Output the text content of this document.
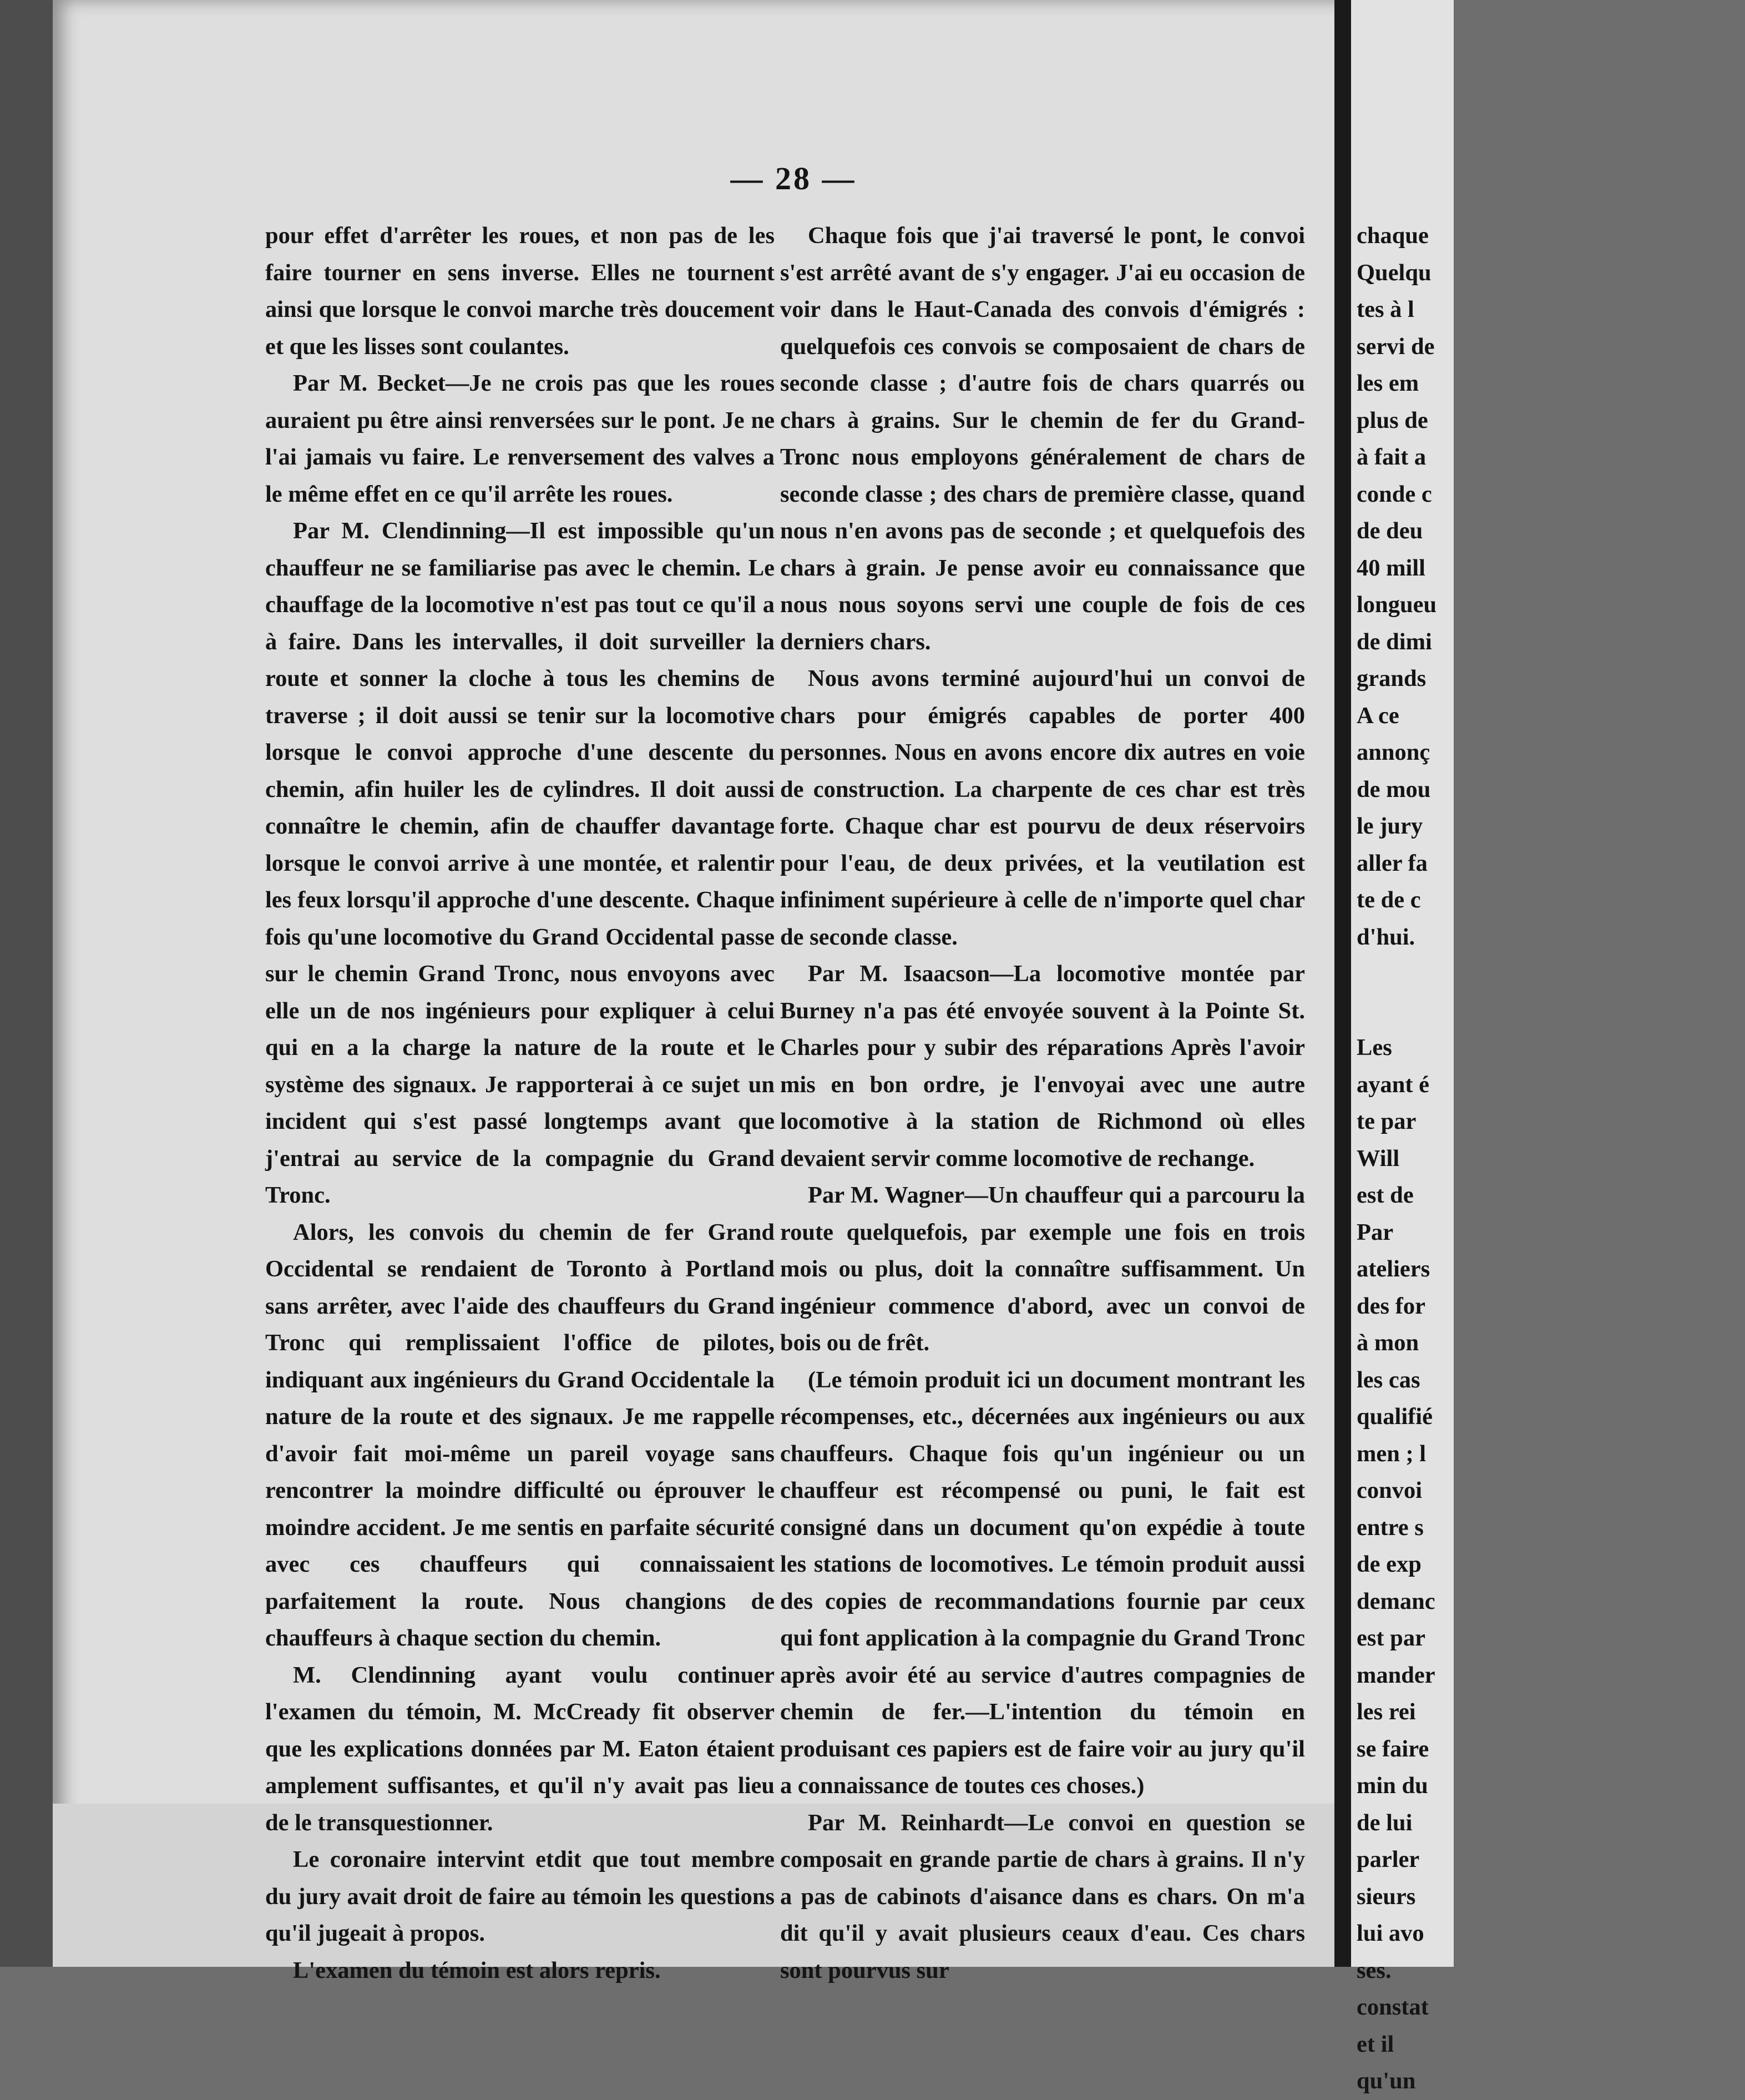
— 28 —

pour effet d'arrêter les roues, et non pas de les faire tourner en sens inverse. Elles ne tournent ainsi que lorsque le convoi marche très doucement et que les lisses sont coulantes.

Par M. Becket—Je ne crois pas que les roues auraient pu être ainsi renversées sur le pont. Je ne l'ai jamais vu faire. Le renversement des valves a le même effet en ce qu'il arrête les roues.

Par M. Clendinning—Il est impossible qu'un chauffeur ne se familiarise pas avec le chemin. Le chauffage de la locomotive n'est pas tout ce qu'il a à faire. Dans les intervalles, il doit surveiller la route et sonner la cloche à tous les chemins de traverse ; il doit aussi se tenir sur la locomotive lorsque le convoi approche d'une descente du chemin, afin huiler les de cylindres. Il doit aussi connaître le chemin, afin de chauffer davantage lorsque le convoi arrive à une montée, et ralentir les feux lorsqu'il approche d'une descente. Chaque fois qu'une locomotive du Grand Occidental passe sur le chemin Grand Tronc, nous envoyons avec elle un de nos ingénieurs pour expliquer à celui qui en a la charge la nature de la route et le système des signaux. Je rapporterai à ce sujet un incident qui s'est passé longtemps avant que j'entrai au service de la compagnie du Grand Tronc.

Alors, les convois du chemin de fer Grand Occidental se rendaient de Toronto à Portland sans arrêter, avec l'aide des chauffeurs du Grand Tronc qui remplissaient l'office de pilotes, indiquant aux ingénieurs du Grand Occidentale la nature de la route et des signaux. Je me rappelle d'avoir fait moi-même un pareil voyage sans rencontrer la moindre difficulté ou éprouver le moindre accident. Je me sentis en parfaite sécurité avec ces chauffeurs qui connaissaient parfaitement la route. Nous changions de chauffeurs à chaque section du chemin.

M. Clendinning ayant voulu continuer l'examen du témoin, M. McCready fit observer que les explications données par M. Eaton étaient amplement suffisantes, et qu'il n'y avait pas lieu de le transquestionner.

Le coronaire intervint etdit que tout membre du jury avait droit de faire au témoin les questions qu'il jugeait à propos.

L'examen du témoin est alors repris.

Chaque fois que j'ai traversé le pont, le convoi s'est arrêté avant de s'y engager. J'ai eu occasion de voir dans le Haut-Canada des convois d'émigrés : quelquefois ces convois se composaient de chars de seconde classe ; d'autre fois de chars quarrés ou chars à grains. Sur le chemin de fer du Grand-Tronc nous employons généralement de chars de seconde classe ; des chars de première classe, quand nous n'en avons pas de seconde ; et quelquefois des chars à grain. Je pense avoir eu connaissance que nous nous soyons servi une couple de fois de ces derniers chars.

Nous avons terminé aujourd'hui un convoi de chars pour émigrés capables de porter 400 personnes. Nous en avons encore dix autres en voie de construction. La charpente de ces char est très forte. Chaque char est pourvu de deux réservoirs pour l'eau, de deux privées, et la veutilation est infiniment supérieure à celle de n'importe quel char de seconde classe.

Par M. Isaacson—La locomotive montée par Burney n'a pas été envoyée souvent à la Pointe St. Charles pour y subir des réparations Après l'avoir mis en bon ordre, je l'envoyai avec une autre locomotive à la station de Richmond où elles devaient servir comme locomotive de rechange.

Par M. Wagner—Un chauffeur qui a parcouru la route quelquefois, par exemple une fois en trois mois ou plus, doit la connaître suffisamment. Un ingénieur commence d'abord, avec un convoi de bois ou de frêt.

(Le témoin produit ici un document montrant les récompenses, etc., décernées aux ingénieurs ou aux chauffeurs. Chaque fois qu'un ingénieur ou un chauffeur est récompensé ou puni, le fait est consigné dans un document qu'on expédie à toute les stations de locomotives. Le témoin produit aussi des copies de recommandations fournie par ceux qui font application à la compagnie du Grand Tronc après avoir été au service d'autres compagnies de chemin de fer.—L'intention du témoin en produisant ces papiers est de faire voir au jury qu'il a connaissance de toutes ces choses.)

Par M. Reinhardt—Le convoi en question se composait en grande partie de chars à grains. Il n'y a pas de cabinots d'aisance dans es chars. On m'a dit qu'il y avait plusieurs ceaux d'eau. Ces chars sont pourvus sur

chaque
Quelqu
tes à l
servi de
les em
plus de
à fait a
conde c
de deu
40 mill
longueu
de dimi
grands
A ce
annonç
de mou
le jury
aller fa
te de c
d'hui.
Les
ayant é
te par
Will
est de
Par
ateliers
des for
à mon
les cas
qualifié
men ; l
convoi
entre s
de exp
demanc
est par
mander
les rei
se faire
min du
de lui
parler
sieurs
lui avo
ses.
constat
et il
qu'un
